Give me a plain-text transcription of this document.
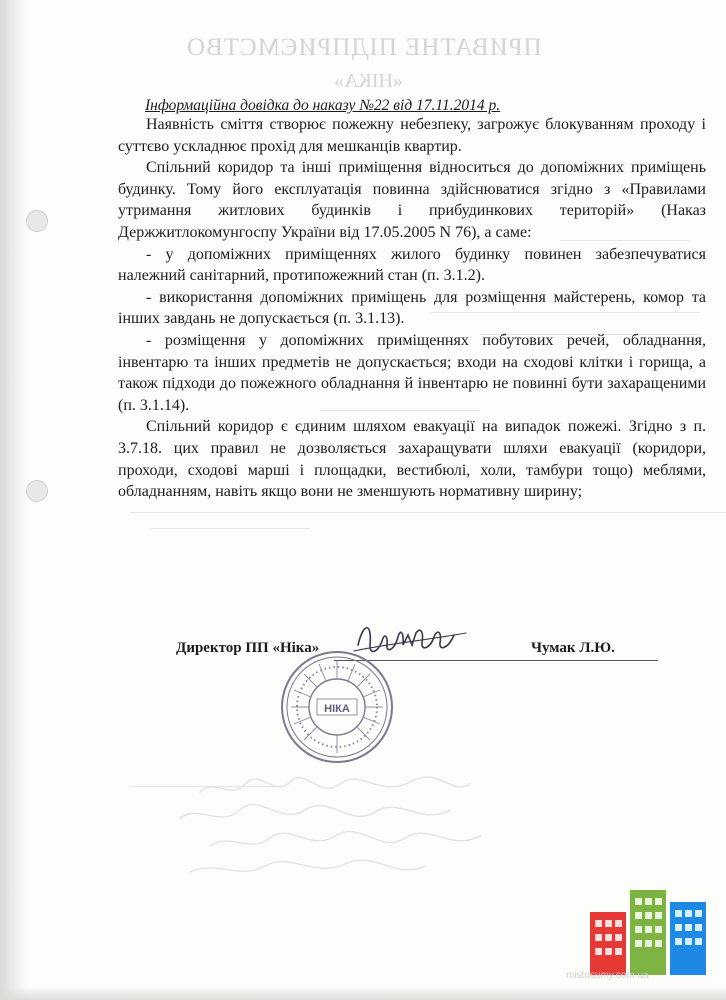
ПРИВАТНЕ ПІДПРИЄМСТВО
«НІКА»
Інформаційна довідка до наказу №22 від 17.11.2014 р.

Наявність сміття створює пожежну небезпеку, загрожує блокуванням проходу і суттєво ускладнює прохід для мешканців квартир.

Спільний коридор та інші приміщення відноситься до допоміжних приміщень будинку. Тому його експлуатація повинна здійснюватися згідно з «Правилами утримання житлових будинків і прибудинкових територій» (Наказ Держжитлокомунгоспу України від 17.05.2005 N 76), а саме:

- у допоміжних приміщеннях жилого будинку повинен забезпечуватися належний санітарний, протипожежний стан (п. 3.1.2).

- використання допоміжних приміщень для розміщення майстерень, комор та інших завдань не допускається (п. 3.1.13).

- розміщення у допоміжних приміщеннях побутових речей, обладнання, інвентарю та інших предметів не допускається; входи на сходові клітки і горища, а також підходи до пожежного обладнання й інвентарю не повинні бути захаращеними (п. 3.1.14).

Спільний коридор є єдиним шляхом евакуації на випадок пожежі. Згідно з п. 3.7.18. цих правил не дозволяється захаращувати шляхи евакуації (коридори, проходи, сходові марші і площадки, вестибюлі, холи, тамбури тощо) меблями, обладнанням, навіть якщо вони не зменшують нормативну ширину;

Директор ПП «Ніка»	Чумак Л.Ю.
НІКА
mistosumy.com.ua
